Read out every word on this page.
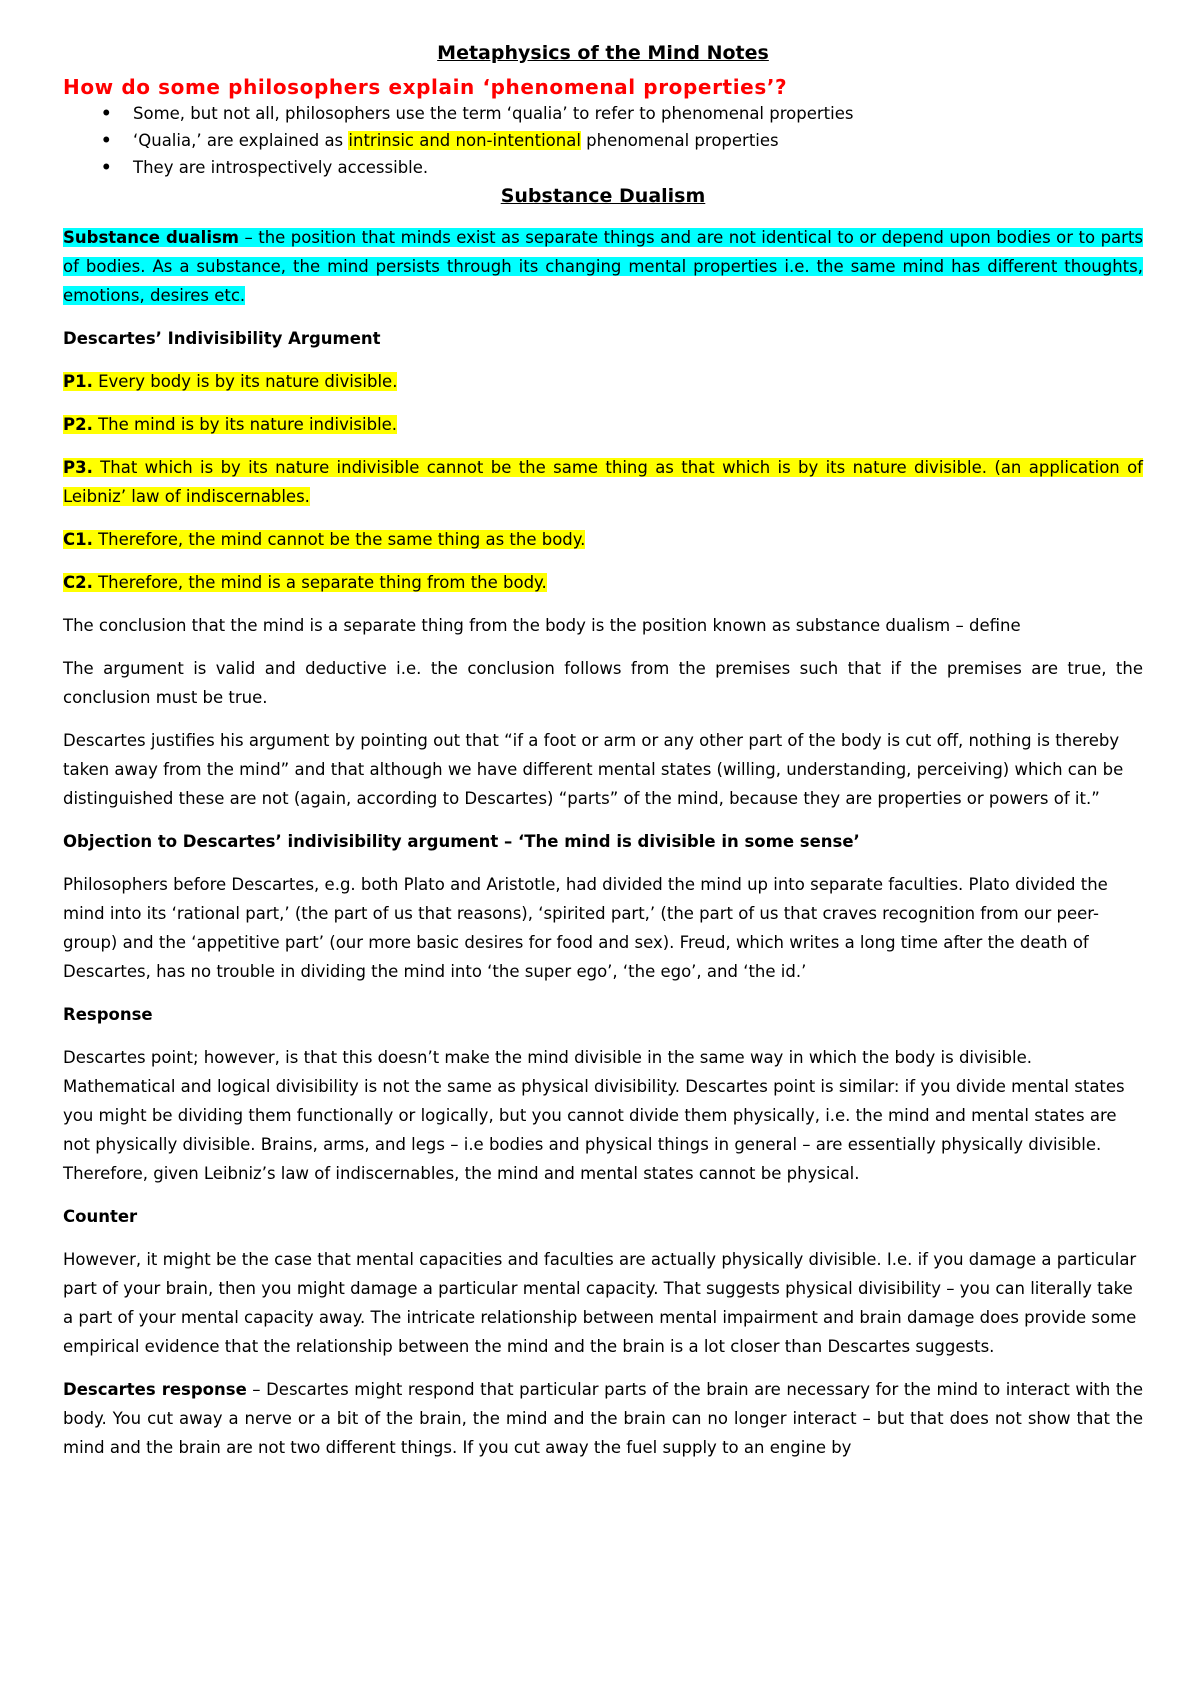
Metaphysics of the Mind Notes
How do some philosophers explain ‘phenomenal properties’?
• Some, but not all, philosophers use the term ‘qualia’ to refer to phenomenal properties
• ‘Qualia,’ are explained as intrinsic and non-intentional phenomenal properties
• They are introspectively accessible.
Substance Dualism

Substance dualism – the position that minds exist as separate things and are not identical to or depend upon bodies or to parts of bodies. As a substance, the mind persists through its changing mental properties i.e. the same mind has different thoughts, emotions, desires etc.

Descartes’ Indivisibility Argument

P1. Every body is by its nature divisible.

P2. The mind is by its nature indivisible.

P3. That which is by its nature indivisible cannot be the same thing as that which is by its nature divisible. (an application of Leibniz’ law of indiscernables.

C1. Therefore, the mind cannot be the same thing as the body.

C2. Therefore, the mind is a separate thing from the body.

The conclusion that the mind is a separate thing from the body is the position known as substance dualism – define

The argument is valid and deductive i.e. the conclusion follows from the premises such that if the premises are true, the conclusion must be true.

Descartes justifies his argument by pointing out that “if a foot or arm or any other part of the body is cut off, nothing is thereby taken away from the mind” and that although we have different mental states (willing, understanding, perceiving) which can be distinguished these are not (again, according to Descartes) “parts” of the mind, because they are properties or powers of it.”

Objection to Descartes’ indivisibility argument – ‘The mind is divisible in some sense’

Philosophers before Descartes, e.g. both Plato and Aristotle, had divided the mind up into separate faculties. Plato divided the mind into its ‘rational part,’ (the part of us that reasons), ‘spirited part,’ (the part of us that craves recognition from our peer-group) and the ‘appetitive part’ (our more basic desires for food and sex). Freud, which writes a long time after the death of Descartes, has no trouble in dividing the mind into ‘the super ego’, ‘the ego’, and ‘the id.’

Response

Descartes point; however, is that this doesn’t make the mind divisible in the same way in which the body is divisible. Mathematical and logical divisibility is not the same as physical divisibility. Descartes point is similar: if you divide mental states you might be dividing them functionally or logically, but you cannot divide them physically, i.e. the mind and mental states are not physically divisible. Brains, arms, and legs – i.e bodies and physical things in general – are essentially physically divisible. Therefore, given Leibniz’s law of indiscernables, the mind and mental states cannot be physical.

Counter

However, it might be the case that mental capacities and faculties are actually physically divisible. I.e. if you damage a particular part of your brain, then you might damage a particular mental capacity. That suggests physical divisibility – you can literally take a part of your mental capacity away. The intricate relationship between mental impairment and brain damage does provide some empirical evidence that the relationship between the mind and the brain is a lot closer than Descartes suggests.

Descartes response – Descartes might respond that particular parts of the brain are necessary for the mind to interact with the body. You cut away a nerve or a bit of the brain, the mind and the brain can no longer interact – but that does not show that the mind and the brain are not two different things. If you cut away the fuel supply to an engine by
